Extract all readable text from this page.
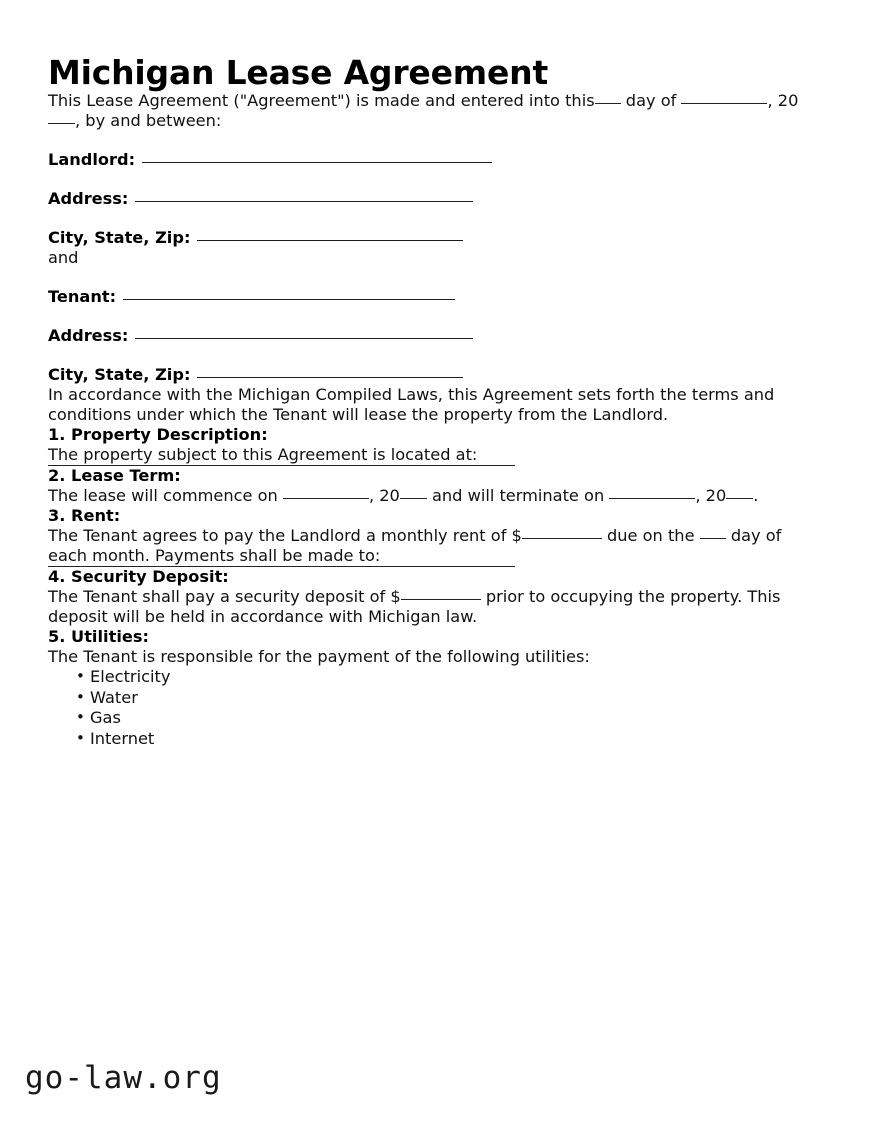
Michigan Lease Agreement

This Lease Agreement ("Agreement") is made and entered into this day of	, 20, by and between:

Landlord:
Address:
City, State, Zip:

and

Tenant:
Address:
City, State, Zip:

In accordance with the Michigan Compiled Laws, this Agreement sets forth the terms and conditions under which the Tenant will lease the property from the Landlord.

1. Property Description:

The property subject to this Agreement is located at:

2. Lease Term:

The lease will commence on	, 20 and will terminate on	, 20 .

3. Rent:

The Tenant agrees to pay the Landlord a monthly rent of $	due on the day of each month. Payments shall be made to:

4. Security Deposit:

The Tenant shall pay a security deposit of $	prior to occupying the property. This deposit will be held in accordance with Michigan law.

5. Utilities:

The Tenant is responsible for the payment of the following utilities:

• Electricity
• Water
• Gas
• Internet
go-law.org
